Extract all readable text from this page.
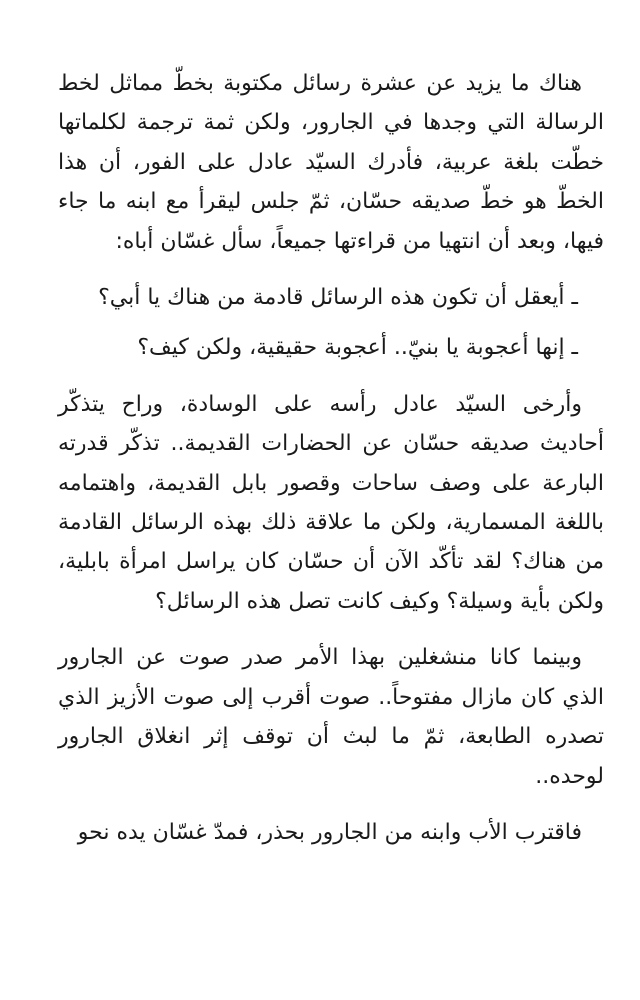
هناك ما يزيد عن عشرة رسائل مكتوبة بخطّ مماثل لخط الرسالة التي وجدها في الجارور، ولكن ثمة ترجمة لكلماتها خطّت بلغة عربية، فأدرك السيّد عادل على الفور، أن هذا الخطّ هو خطّ صديقه حسّان، ثمّ جلس ليقرأ مع ابنه ما جاء فيها، وبعد أن انتهيا من قراءتها جميعاً، سأل غسّان أباه:

ـ أيعقل أن تكون هذه الرسائل قادمة من هناك يا أبي؟

ـ إنها أعجوبة يا بنيّ.. أعجوبة حقيقية، ولكن كيف؟

وأرخى السيّد عادل رأسه على الوسادة، وراح يتذكّر أحاديث صديقه حسّان عن الحضارات القديمة.. تذكّر قدرته البارعة على وصف ساحات وقصور بابل القديمة، واهتمامه باللغة المسمارية، ولكن ما علاقة ذلك بهذه الرسائل القادمة من هناك؟ لقد تأكّد الآن أن حسّان كان يراسل امرأة بابلية، ولكن بأية وسيلة؟ وكيف كانت تصل هذه الرسائل؟

وبينما كانا منشغلين بهذا الأمر صدر صوت عن الجارور الذي كان مازال مفتوحاً.. صوت أقرب إلى صوت الأزيز الذي تصدره الطابعة، ثمّ ما لبث أن توقف إثر انغلاق الجارور لوحده..

فاقترب الأب وابنه من الجارور بحذر، فمدّ غسّان يده نحو
